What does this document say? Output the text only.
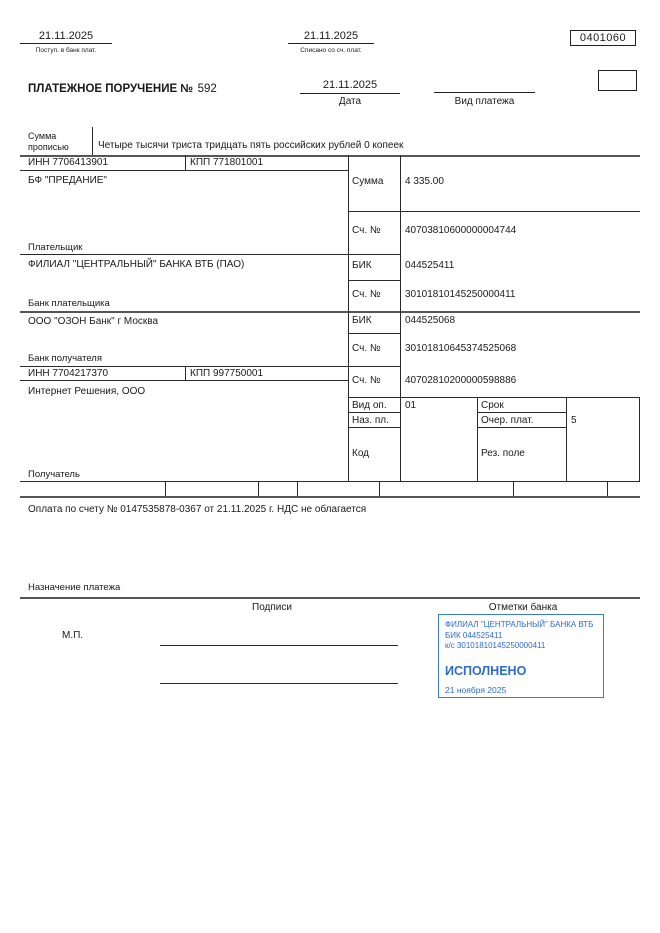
21.11.2025
Поступ. в банк плат.
21.11.2025
Списано со сч. плат.
0401060
ПЛАТЕЖНОЕ ПОРУЧЕНИЕ № 592	21.11.2025
Дата	Вид платежа
Сумма
прописью	Четыре тысячи триста тридцать пять российских рублей 0 копеек
ИНН 7706413901	КПП 771801001
БФ "ПРЕДАНИЕ"
Плательщик
ФИЛИАЛ "ЦЕНТРАЛЬНЫЙ" БАНКА ВТБ (ПАО)
Банк плательщика
ООО "ОЗОН Банк" г Москва
Банк получателя
ИНН 7704217370	КПП 997750001
Интернет Решения, ООО
Получатель
Сумма 4 335.00
Сч. № 40703810600000004744
БИК	044525411
Сч. № 30101810145250000411
БИК	044525068
Сч. № 30101810645374525068
Сч. № 40702810200000598886
Вид оп. 01	Срок
Наз. пл.	Очер. плат.	5
Код	Рез. поле
Оплата по счету № 0147535878-0367 от 21.11.2025 г. НДС не облагается
Назначение платежа
Подписи	Отметки банка
М.П.
ФИЛИАЛ "ЦЕНТРАЛЬНЫЙ" БАНКА ВТБ
БИК 044525411
к/с 30101810145250000411
ИСПОЛНЕНО
21 ноября 2025
